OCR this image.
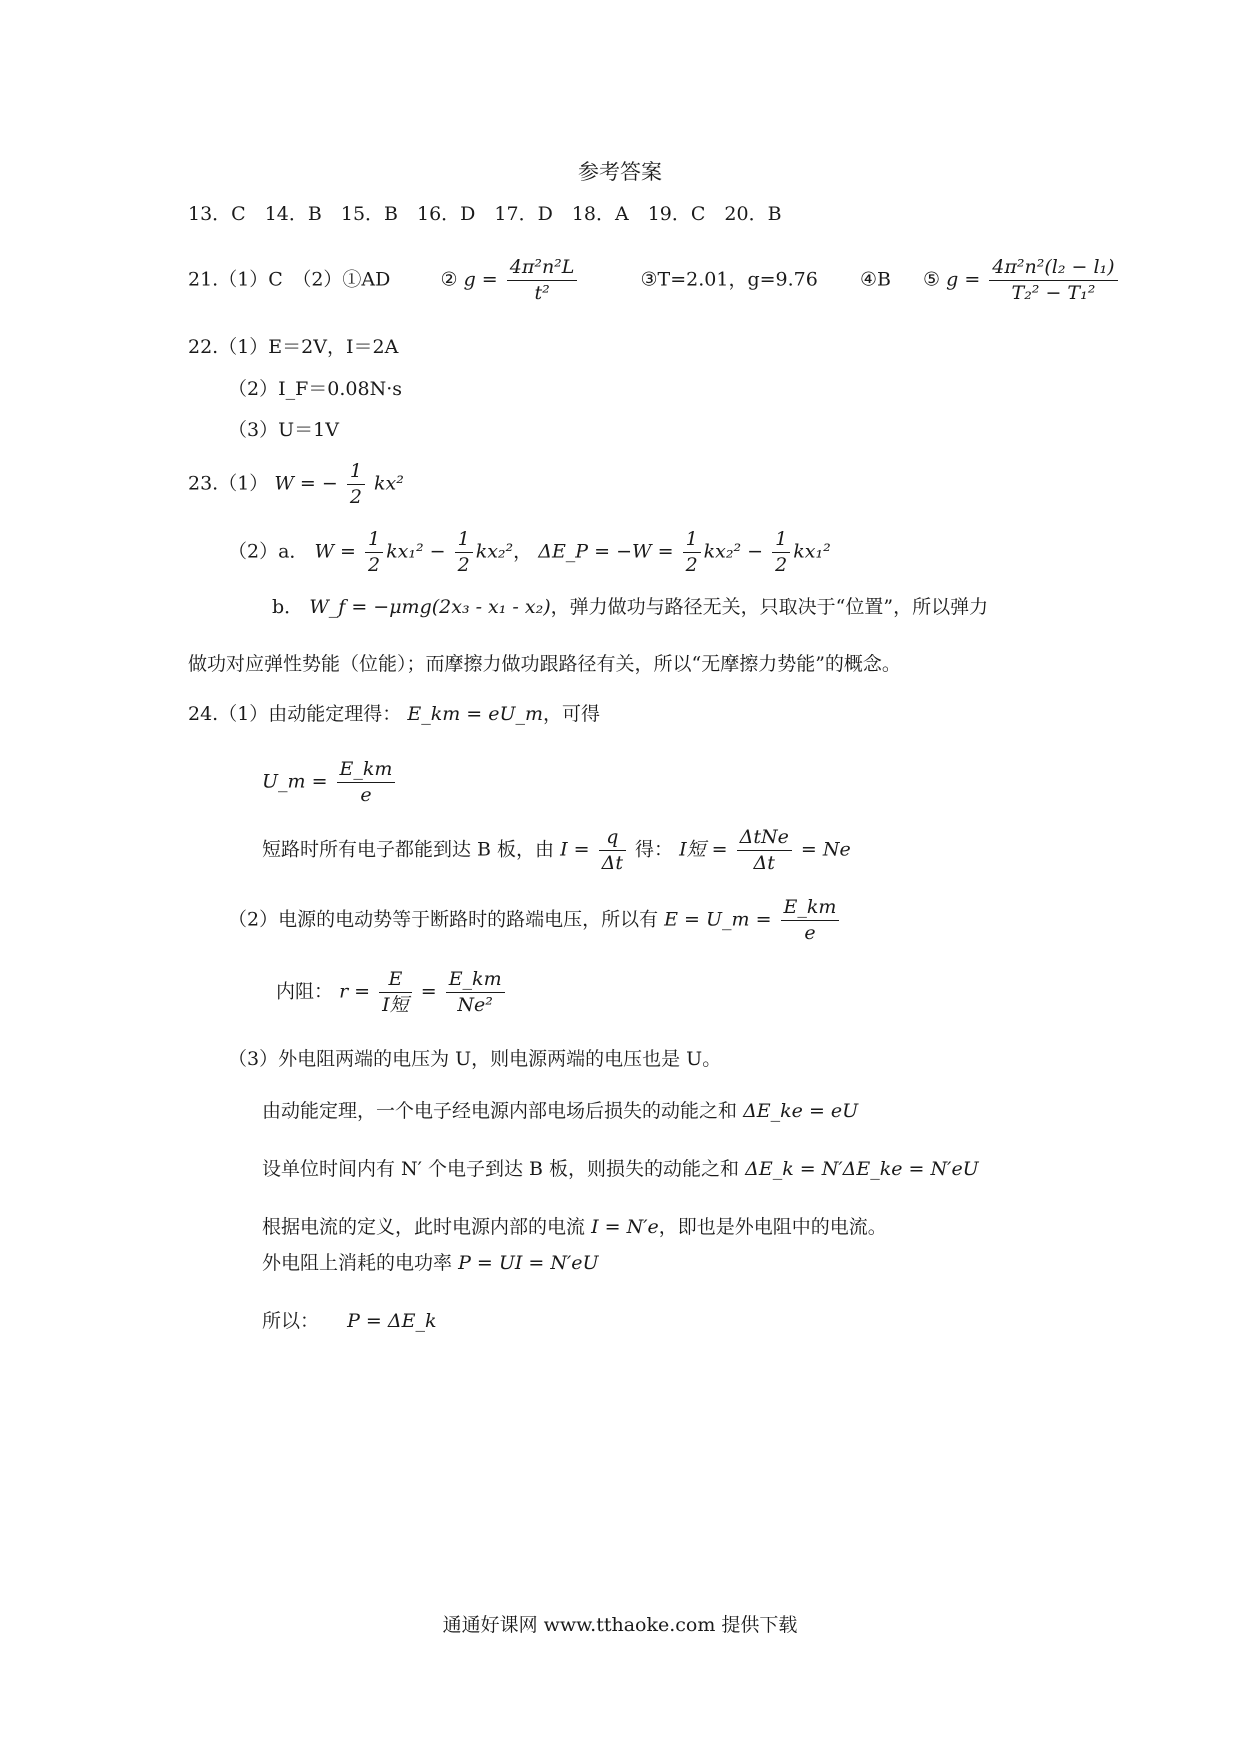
参考答案
13．C　14．B　15．B　16．D　17．D　18．A　19．C　20．B
21.（1）C　（2）①AD	② $g = \frac{\text{4π²n²L}}{\text{t²}}$	③T=2.01，g=9.76 ④B ⑤ $g = \frac{\text{4π²n²(l₂ − l₁)}}{\text{T₂² − T₁²}}$
22.（1）E＝2V，I＝2A
（2）I_F＝0.08N·s
（3）U＝1V
23.（1） W = − $\frac{1}{2} kx^2$
（2）a． $W = \frac{1}{2} kx_1^2 - \frac{1}{2} kx_2^2$， ΔE_P = $-W = \frac{1}{2} kx_2^2 - \frac{1}{2} kx_1^2$
b． W_f = −μmg(2x₃ - x₁ - x₂)，弹力做功与路径无关，只取决于“位置”，所以弹力
做功对应弹性势能（位能）；而摩擦力做功跟路径有关，所以“无摩擦力势能”的概念。
24.（1）由动能定理得： E_km = eU_m，可得
U_m = $\frac{E\_km}{e}$
短路时所有电子都能到达 B 板，由 $I = \frac{q}{\Delta t}$ 得： I短 =
ΔtNe
Δt
= Ne
（2）电源的电动势等于断路时的路端电压，所以有 E = U_m = $\frac{E\_km}{e}$
内阻： r =
E
I短
= $\frac{E\_km}{\text{Ne²}}$
（3）外电阻两端的电压为 U，则电源两端的电压也是 U。
由动能定理，一个电子经电源内部电场后损失的动能之和 ΔE_ke = eU
设单位时间内有 N′ 个电子到达 B 板，则损失的动能之和 ΔE_k = N′ΔE_ke = N′eU
根据电流的定义，此时电源内部的电流 I = N′e，即也是外电阻中的电流。
外电阻上消耗的电功率 P = UI = N′eU
所以： P = ΔE_k
通通好课网 www.tthaoke.com 提供下载
